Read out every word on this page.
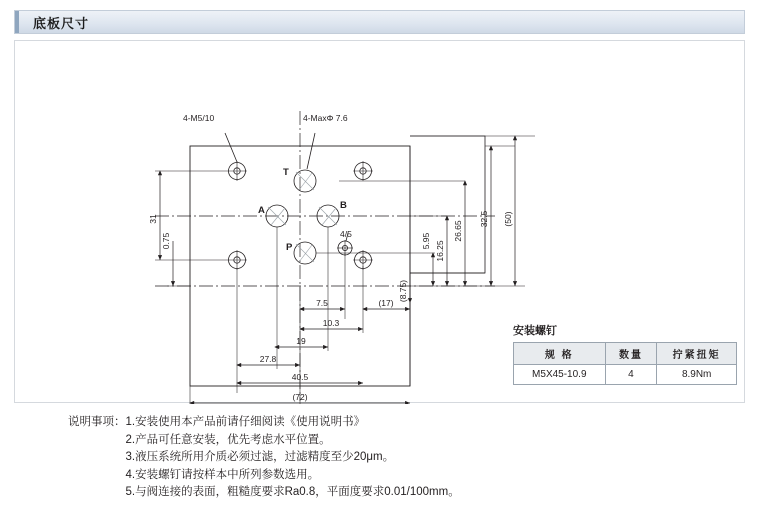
底板尺寸
4-M5/10	4-MaxΦ 7.6
T
A	B
P
4/5
31
0.75	5.95 16.25
26.65
32.5 (50)
(8.75)
7.5	(17)
10.3
19
27.8
40.5
(72)
安装螺钉
规 格	数量	拧紧扭矩
M5X45-10.9	4	8.9Nm
说明事项： 1.安装使用本产品前请仔细阅读《使用说明书》
2.产品可任意安装，优先考虑水平位置。
3.液压系统所用介质必须过滤，过滤精度至少20μm。
4.安装螺钉请按样本中所列参数选用。
5.与阀连接的表面，粗糙度要求Ra0.8，平面度要求0.01/100mm。
